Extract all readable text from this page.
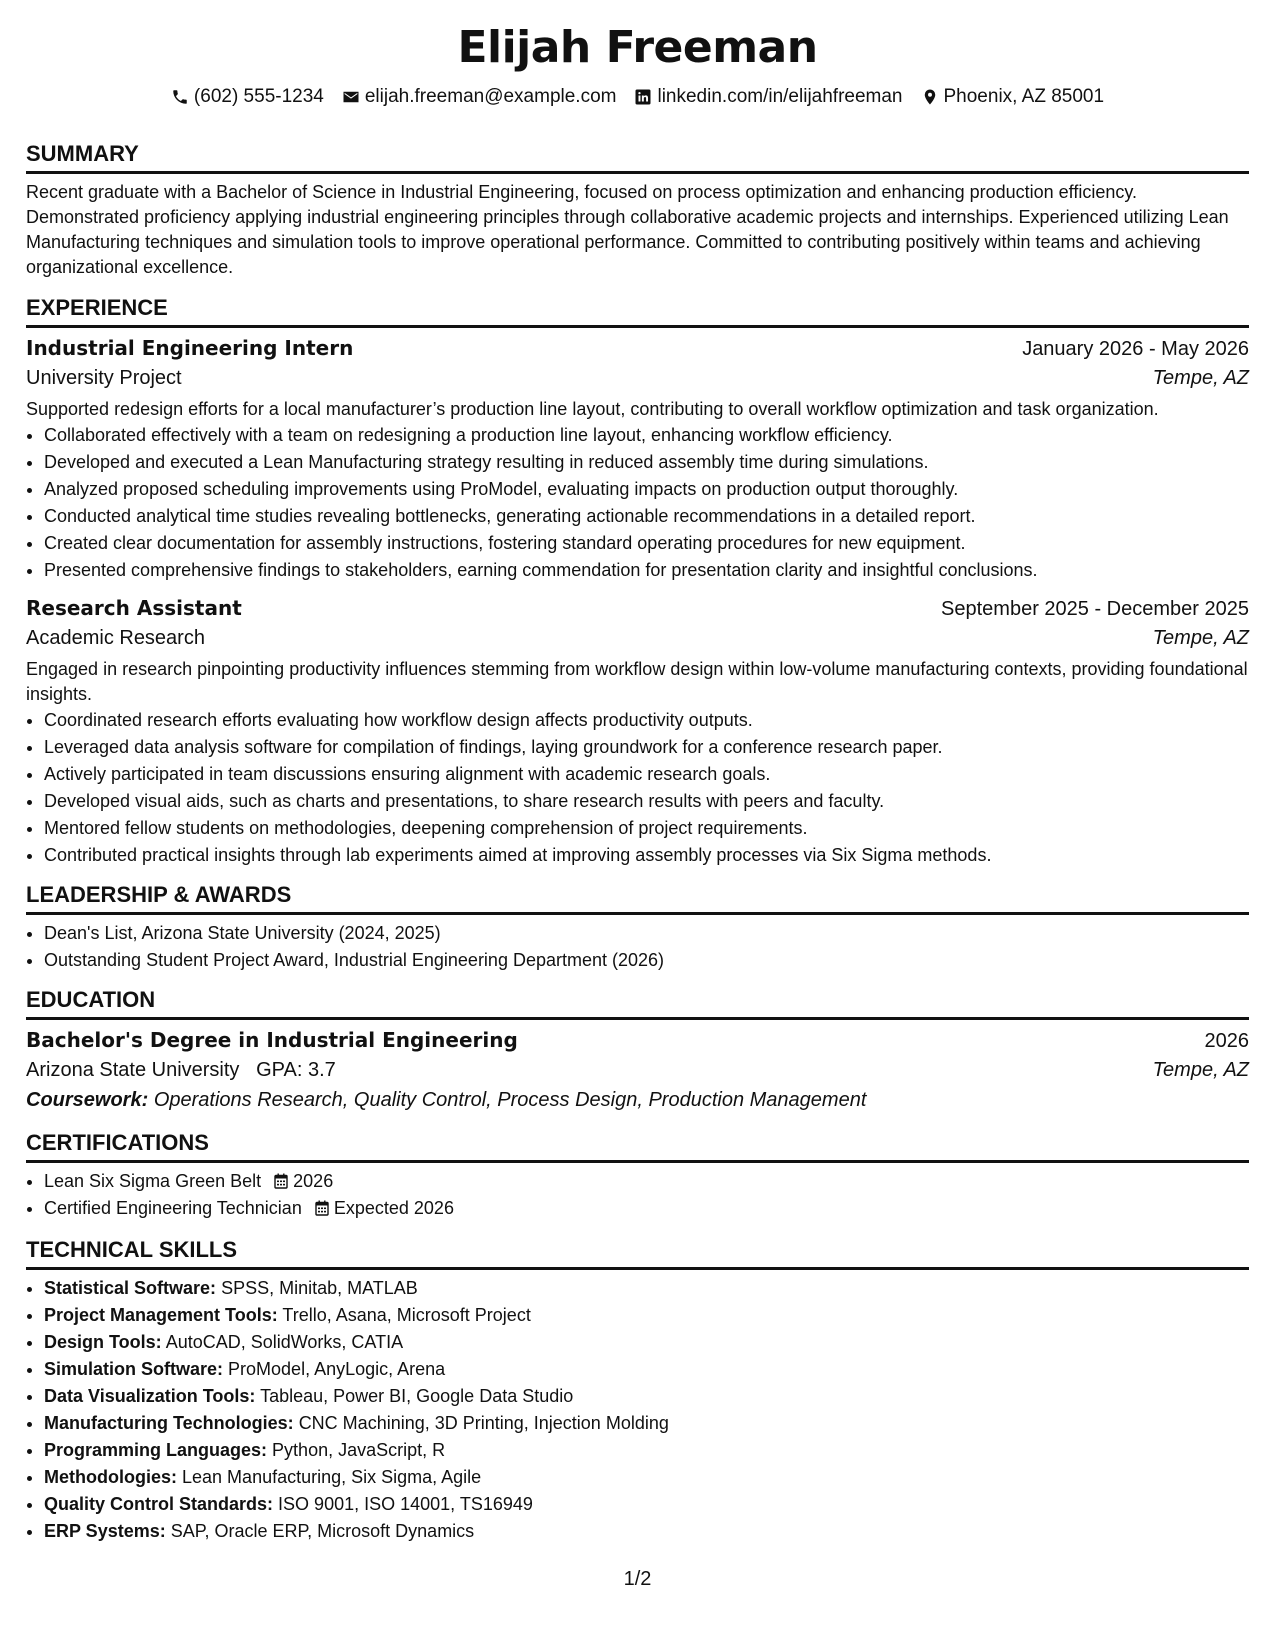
Elijah Freeman
(602) 555-1234 elijah.freeman@example.com linkedin.com/in/elijahfreeman Phoenix, AZ 85001
SUMMARY

Recent graduate with a Bachelor of Science in Industrial Engineering, focused on process optimization and enhancing production efficiency. Demonstrated proficiency applying industrial engineering principles through collaborative academic projects and internships. Experienced utilizing Lean Manufacturing techniques and simulation tools to improve operational performance. Committed to contributing positively within teams and achieving organizational excellence.

EXPERIENCE
Industrial Engineering Intern	January 2026 - May 2026
University Project	Tempe, AZ

Supported redesign efforts for a local manufacturer’s production line layout, contributing to overall workflow optimization and task organization.

• Collaborated effectively with a team on redesigning a production line layout, enhancing workflow efficiency.
• Developed and executed a Lean Manufacturing strategy resulting in reduced assembly time during simulations.
• Analyzed proposed scheduling improvements using ProModel, evaluating impacts on production output thoroughly.
• Conducted analytical time studies revealing bottlenecks, generating actionable recommendations in a detailed report.
• Created clear documentation for assembly instructions, fostering standard operating procedures for new equipment.
• Presented comprehensive findings to stakeholders, earning commendation for presentation clarity and insightful conclusions.
Research Assistant	September 2025 - December 2025
Academic Research	Tempe, AZ

Engaged in research pinpointing productivity influences stemming from workflow design within low-volume manufacturing contexts, providing foundational insights.

• Coordinated research efforts evaluating how workflow design affects productivity outputs.
• Leveraged data analysis software for compilation of findings, laying groundwork for a conference research paper.
• Actively participated in team discussions ensuring alignment with academic research goals.
• Developed visual aids, such as charts and presentations, to share research results with peers and faculty.
• Mentored fellow students on methodologies, deepening comprehension of project requirements.
• Contributed practical insights through lab experiments aimed at improving assembly processes via Six Sigma methods.
LEADERSHIP & AWARDS
• Dean's List, Arizona State University (2024, 2025)
• Outstanding Student Project Award, Industrial Engineering Department (2026)
EDUCATION
Bachelor's Degree in Industrial Engineering	2026
Arizona State University GPA: 3.7	Tempe, AZ
Coursework: Operations Research, Quality Control, Process Design, Production Management
CERTIFICATIONS
• Lean Six Sigma Green Belt 2026
• Certified Engineering Technician Expected 2026
TECHNICAL SKILLS
• Statistical Software: SPSS, Minitab, MATLAB
• Project Management Tools: Trello, Asana, Microsoft Project
• Design Tools: AutoCAD, SolidWorks, CATIA
• Simulation Software: ProModel, AnyLogic, Arena
• Data Visualization Tools: Tableau, Power BI, Google Data Studio
• Manufacturing Technologies: CNC Machining, 3D Printing, Injection Molding
• Programming Languages: Python, JavaScript, R
• Methodologies: Lean Manufacturing, Six Sigma, Agile
• Quality Control Standards: ISO 9001, ISO 14001, TS16949
• ERP Systems: SAP, Oracle ERP, Microsoft Dynamics
1/2
